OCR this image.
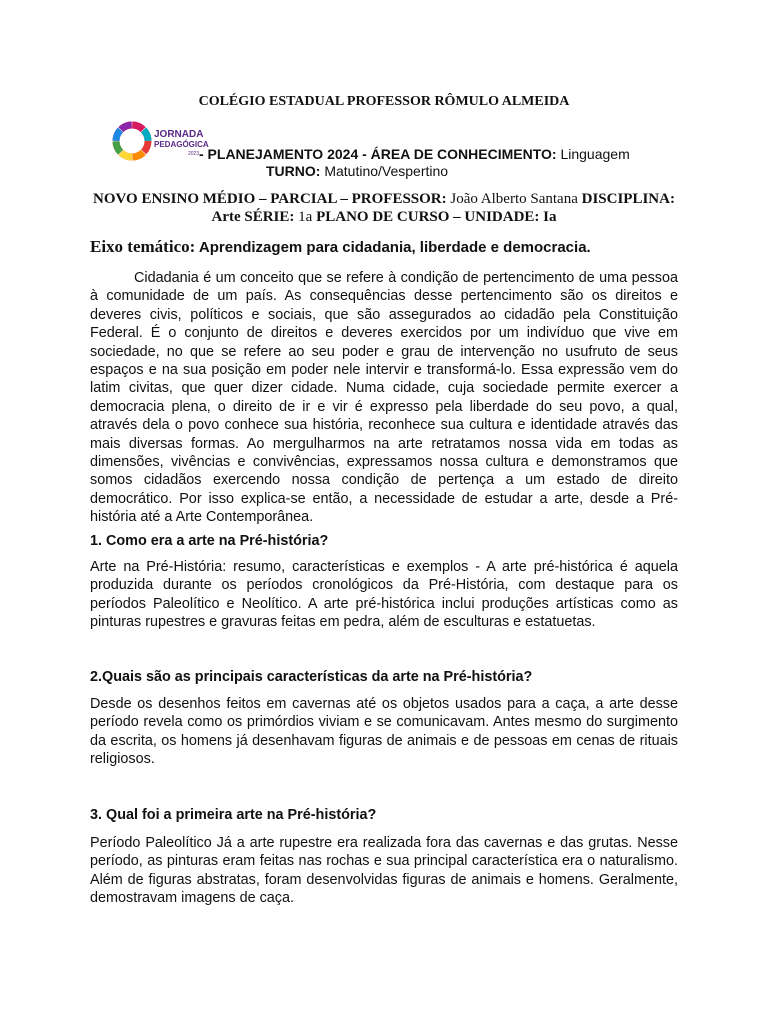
COLÉGIO ESTADUAL PROFESSOR RÔMULO ALMEIDA
JORNADA
PEDAGÓGICA
2023 - PLANEJAMENTO 2024 - ÁREA DE CONHECIMENTO: Linguagem
TURNO: Matutino/Vespertino
NOVO ENSINO MÉDIO – PARCIAL – PROFESSOR: João Alberto Santana DISCIPLINA:
Arte SÉRIE: 1a PLANO DE CURSO – UNIDADE: Ia
Eixo temático: Aprendizagem para cidadania, liberdade e democracia.

Cidadania é um conceito que se refere à condição de pertencimento de uma pessoa à comunidade de um país. As consequências desse pertencimento são os direitos e deveres civis, políticos e sociais, que são assegurados ao cidadão pela Constituição Federal. É o conjunto de direitos e deveres exercidos por um indivíduo que vive em sociedade, no que se refere ao seu poder e grau de intervenção no usufruto de seus espaços e na sua posição em poder nele intervir e transformá-lo. Essa expressão vem do latim civitas, que quer dizer cidade. Numa cidade, cuja sociedade permite exercer a democracia plena, o direito de ir e vir é expresso pela liberdade do seu povo, a qual, através dela o povo conhece sua história, reconhece sua cultura e identidade através das mais diversas formas. Ao mergulharmos na arte retratamos nossa vida em todas as dimensões, vivências e convivências, expressamos nossa cultura e demonstramos que somos cidadãos exercendo nossa condição de pertença a um estado de direito democrático. Por isso explica-se então, a necessidade de estudar a arte, desde a Pré-história até a Arte Contemporânea.

1. Como era a arte na Pré-história?

Arte na Pré-História: resumo, características e exemplos - A arte pré-histórica é aquela produzida durante os períodos cronológicos da Pré-História, com destaque para os períodos Paleolítico e Neolítico. A arte pré-histórica inclui produções artísticas como as pinturas rupestres e gravuras feitas em pedra, além de esculturas e estatuetas.

2.Quais são as principais características da arte na Pré-história?

Desde os desenhos feitos em cavernas até os objetos usados para a caça, a arte desse período revela como os primórdios viviam e se comunicavam. Antes mesmo do surgimento da escrita, os homens já desenhavam figuras de animais e de pessoas em cenas de rituais religiosos.

3. Qual foi a primeira arte na Pré-história?

Período Paleolítico Já a arte rupestre era realizada fora das cavernas e das grutas. Nesse período, as pinturas eram feitas nas rochas e sua principal característica era o naturalismo. Além de figuras abstratas, foram desenvolvidas figuras de animais e homens. Geralmente, demostravam imagens de caça.
